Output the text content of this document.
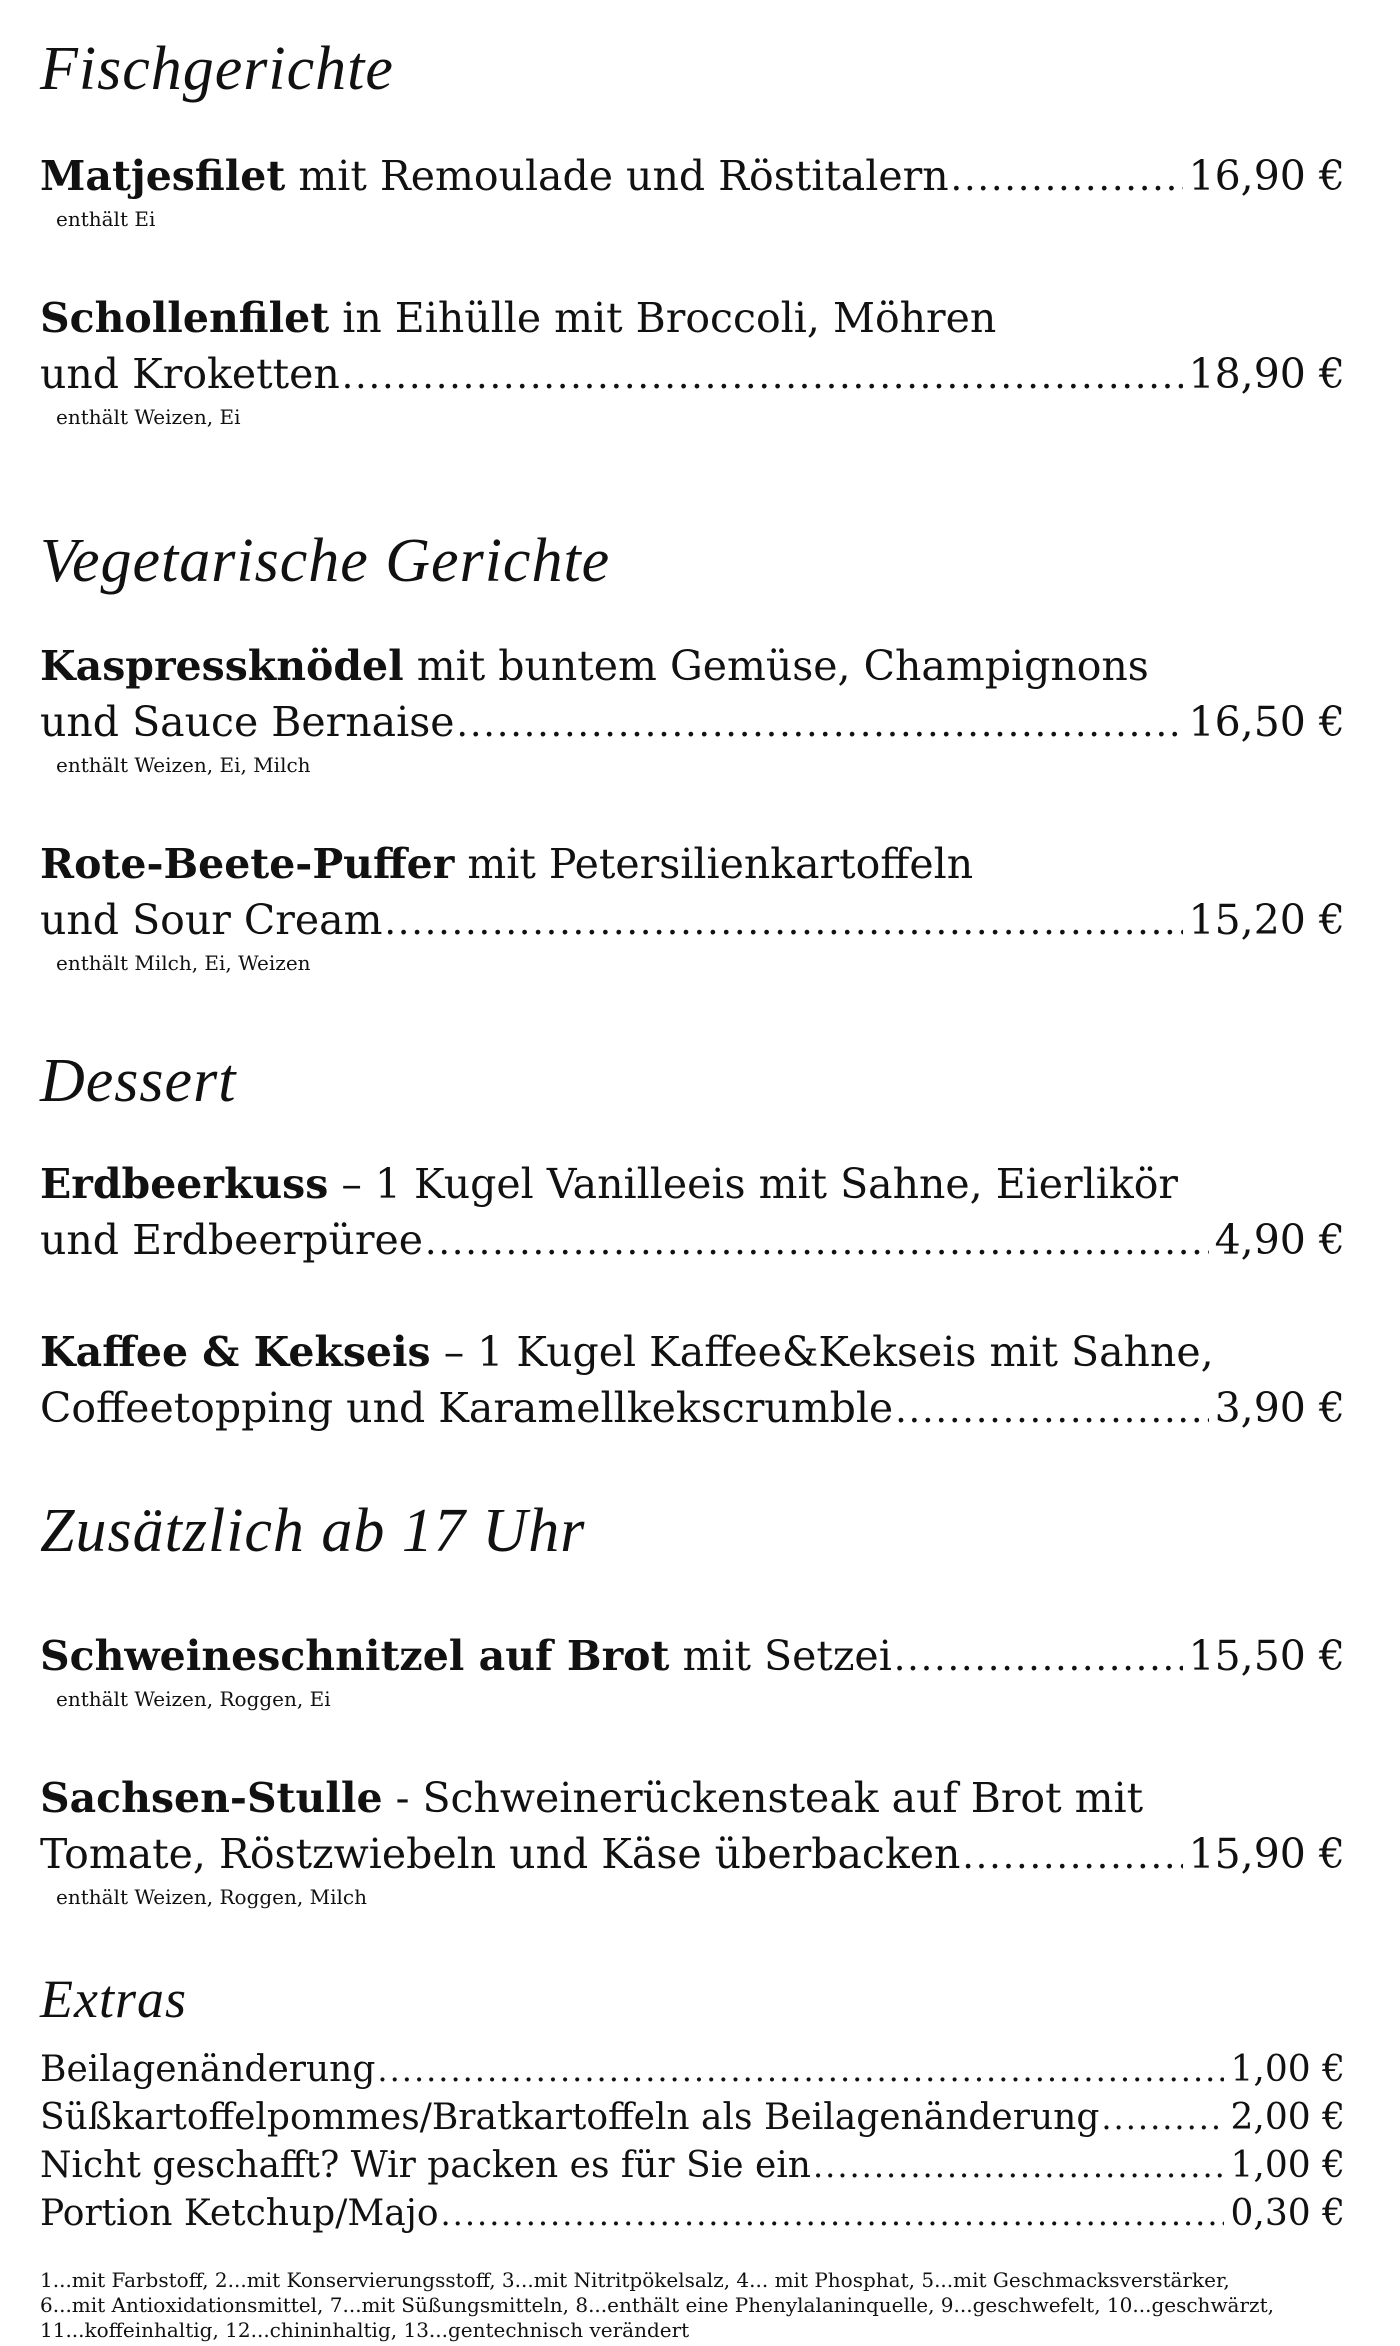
Fischgerichte
Matjesfilet mit Remoulade und Röstitalern .....	16,90 €
enthält Ei
Schollenfilet in Eihülle mit Broccoli, Möhren
und Kroketten .....	18,90 €
enthält Weizen, Ei
Vegetarische Gerichte
Kaspressknödel mit buntem Gemüse, Champignons
und Sauce Bernaise .....	16,50 €
enthält Weizen, Ei, Milch
Rote-Beete-Puffer mit Petersilienkartoffeln
und Sour Cream .....	15,20 €
enthält Milch, Ei, Weizen
Dessert
Erdbeerkuss – 1 Kugel Vanilleeis mit Sahne, Eierlikör
und Erdbeerpüree .....	4,90 €
Kaffee & Kekseis – 1 Kugel Kaffee&Kekseis mit Sahne,
Coffeetopping und Karamellkekscrumble .....	3,90 €
Zusätzlich ab 17 Uhr
Schweineschnitzel auf Brot mit Setzei .....	15,50 €
enthält Weizen, Roggen, Ei
Sachsen-Stulle - Schweinerückensteak auf Brot mit
Tomate, Röstzwiebeln und Käse überbacken .....	15,90 €
enthält Weizen, Roggen, Milch
Extras
Beilagenänderung .....	1,00 €
Süßkartoffelpommes/Bratkartoffeln als Beilagenänderung .....	2,00 €
Nicht geschafft? Wir packen es für Sie ein .....	1,00 €
Portion Ketchup/Majo .....	0,30 €
1...mit Farbstoff, 2...mit Konservierungsstoff, 3...mit Nitritpökelsalz, 4... mit Phosphat, 5...mit Geschmacksverstärker,
6...mit Antioxidationsmittel, 7...mit Süßungsmitteln, 8...enthält eine Phenylalaninquelle, 9...geschwefelt, 10...geschwärzt,
11...koffeinhaltig, 12...chininhaltig, 13...gentechnisch verändert
